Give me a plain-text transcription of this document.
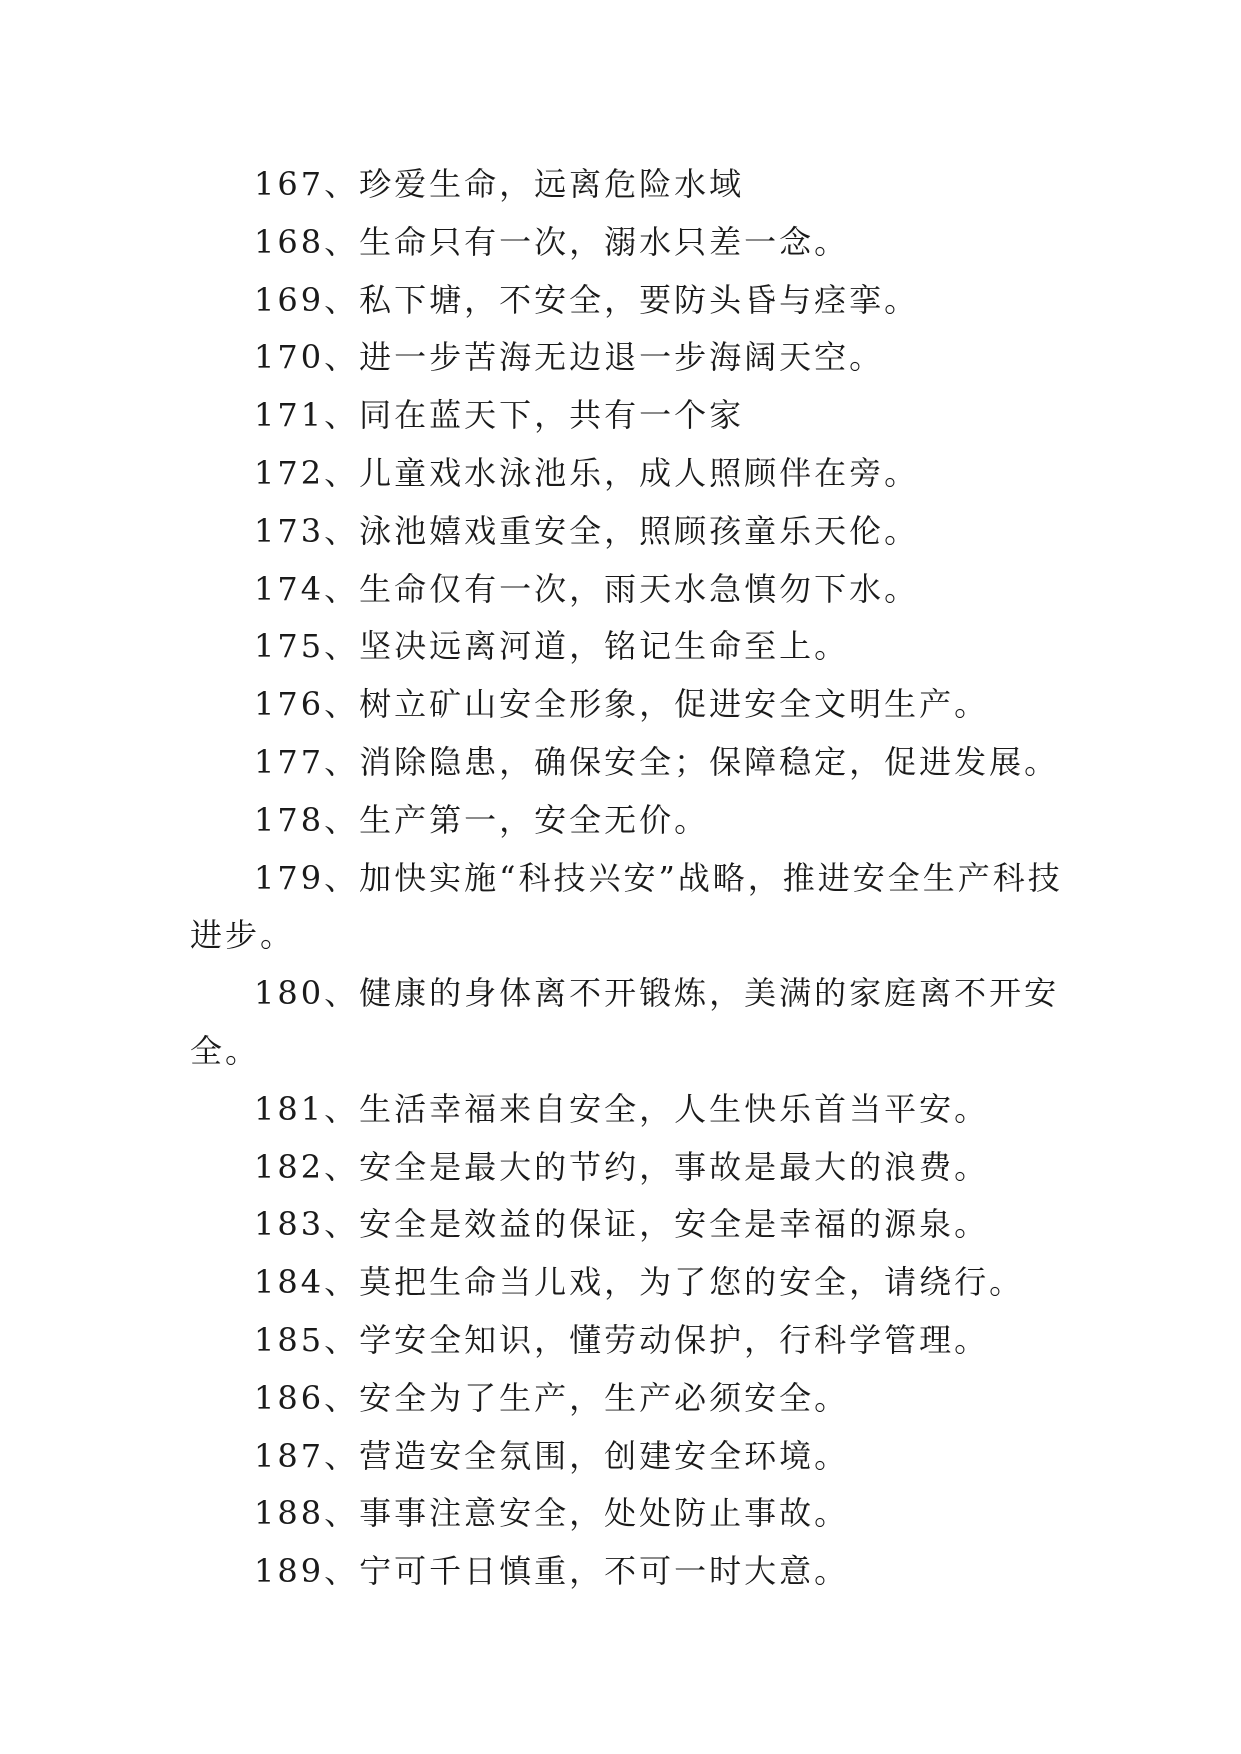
167、珍爱生命，远离危险水域

168、生命只有一次，溺水只差一念。

169、私下塘，不安全，要防头昏与痉挛。

170、进一步苦海无边退一步海阔天空。

171、同在蓝天下，共有一个家

172、儿童戏水泳池乐，成人照顾伴在旁。

173、泳池嬉戏重安全，照顾孩童乐天伦。

174、生命仅有一次，雨天水急慎勿下水。

175、坚决远离河道，铭记生命至上。

176、树立矿山安全形象，促进安全文明生产。

177、消除隐患，确保安全；保障稳定，促进发展。

178、生产第一，安全无价。

179、加快实施“科技兴安”战略，推进安全生产科技进步。

180、健康的身体离不开锻炼，美满的家庭离不开安全。

181、生活幸福来自安全，人生快乐首当平安。

182、安全是最大的节约，事故是最大的浪费。

183、安全是效益的保证，安全是幸福的源泉。

184、莫把生命当儿戏，为了您的安全，请绕行。

185、学安全知识，懂劳动保护，行科学管理。

186、安全为了生产，生产必须安全。

187、营造安全氛围，创建安全环境。

188、事事注意安全，处处防止事故。

189、宁可千日慎重，不可一时大意。
